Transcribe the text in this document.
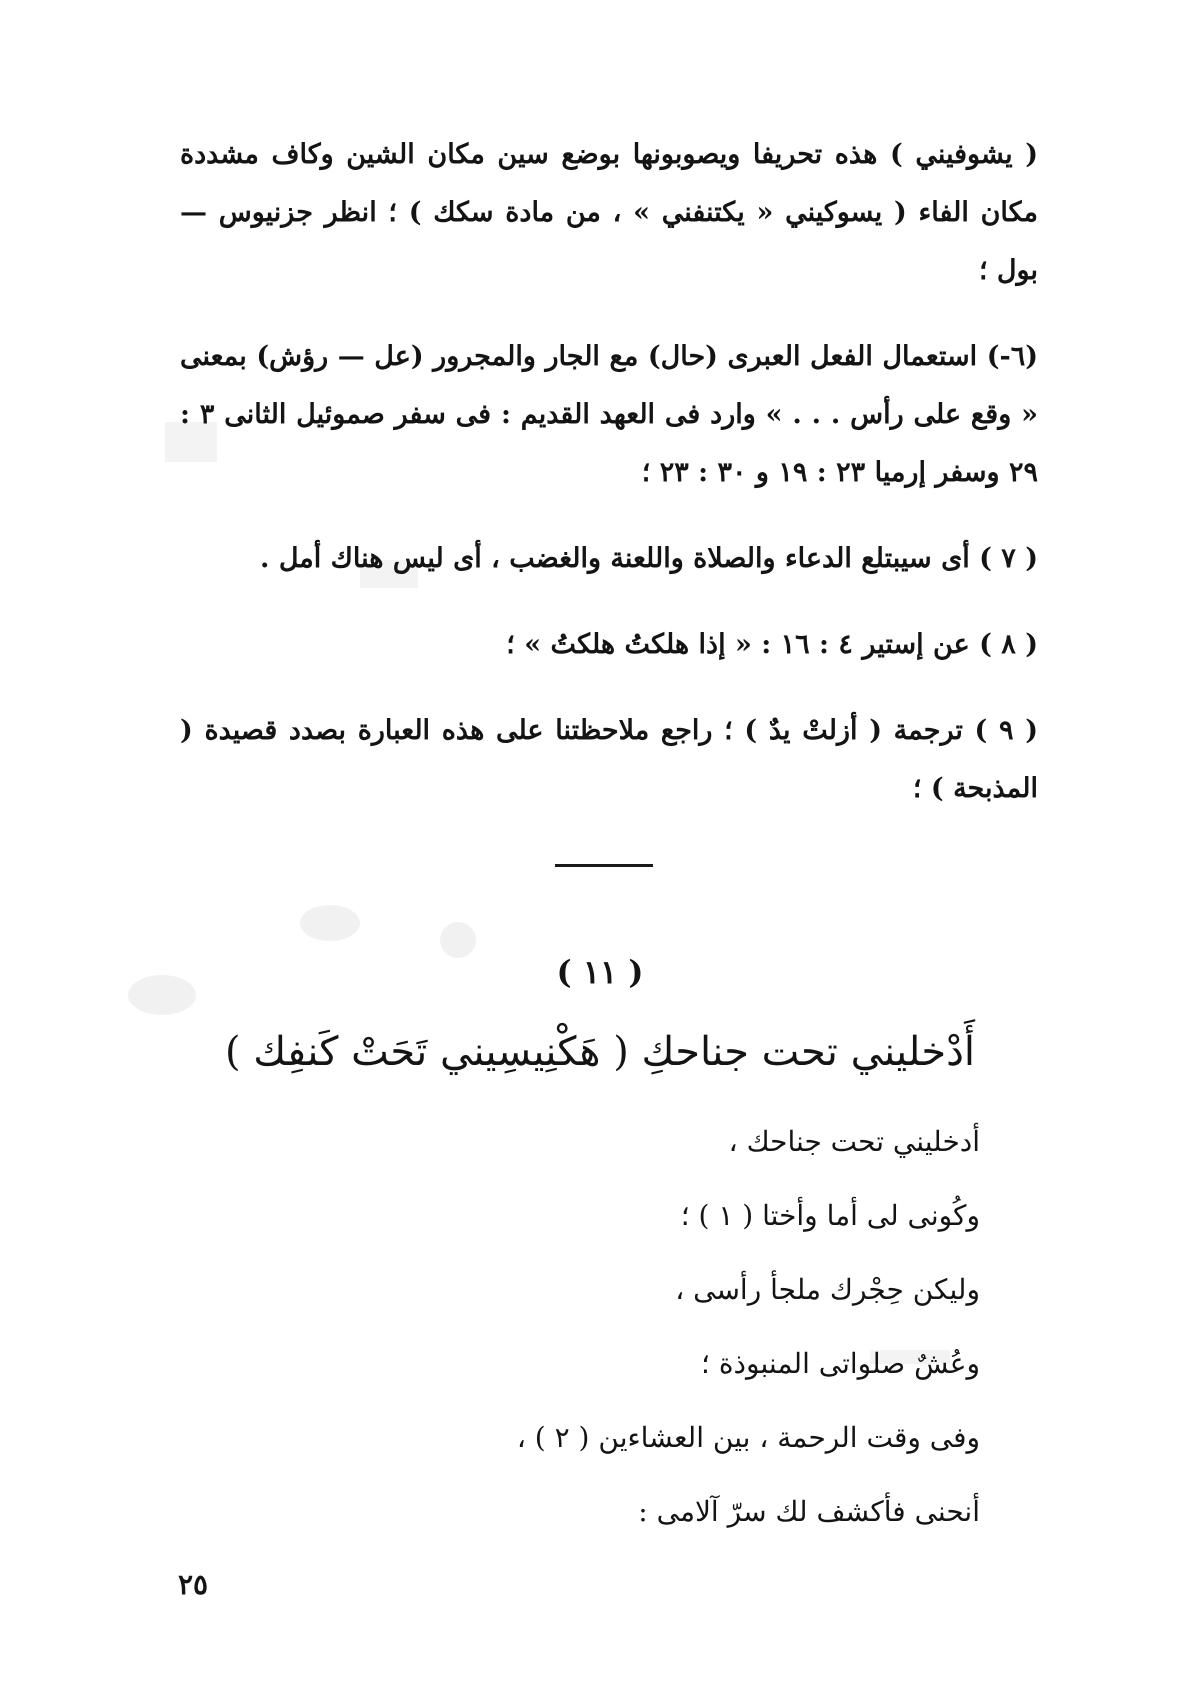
( يشوفيني ) هذه تحريفا ويصوبونها بوضع سين مكان الشين وكاف مشددة مكان الفاء ( يسوكيني « يكتنفني » ، من مادة سكك ) ؛ انظر جزنيوس — بول ؛

(٦-) استعمال الفعل العبرى (حال) مع الجار والمجرور (عل — رؤش) بمعنى « وقع على رأس . . . » وارد فى العهد القديم : فى سفر صموئيل الثانى ٣ : ٢٩ وسفر إرميا ٢٣ : ١٩ و ٣٠ : ٢٣ ؛

( ٧ ) أى سيبتلع الدعاء والصلاة واللعنة والغضب ، أى ليس هناك أمل .

( ٨ ) عن إستير ٤ : ١٦ : « إذا هلكتُ هلكتُ » ؛

( ٩ ) ترجمة ( أزلتْ يدٌ ) ؛ راجع ملاحظتنا على هذه العبارة بصدد قصيدة ( المذبحة ) ؛

( ١١ )
أَدْخليني تحت جناحكِ ( هَكْنِيسِيني تَحَتْ كَنفِك )
أدخليني تحت جناحك ،
وكُونى لى أما وأختا ( ١ ) ؛
وليكن حِجْرك ملجأ رأسى ،
وعُشٌ صلواتى المنبوذة ؛
وفى وقت الرحمة ، بين العشاءين ( ٢ ) ،
أنحنى فأكشف لك سرّ آلامى :
٢٥
